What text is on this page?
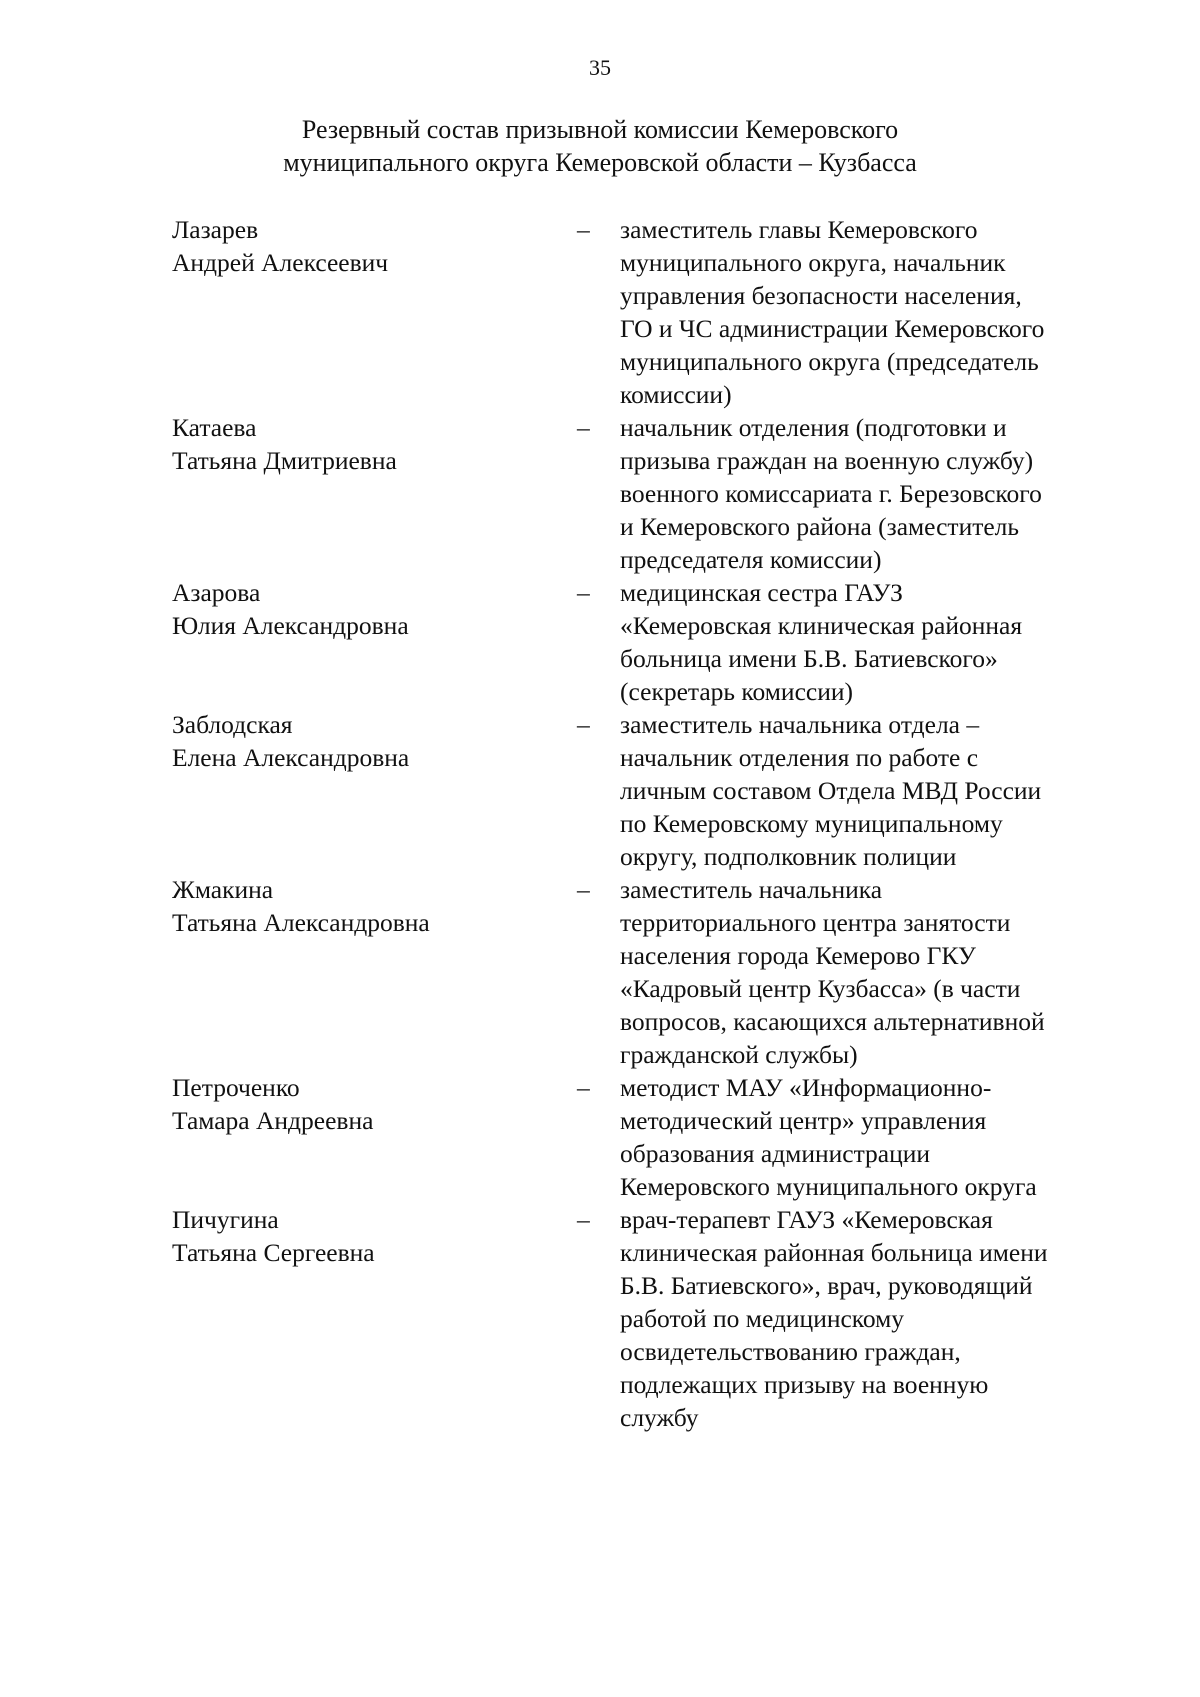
35
Резервный состав призывной комиссии Кемеровского
муниципального округа Кемеровской области – Кузбасса
Лазарев
Андрей Алексеевич
–	заместитель главы Кемеровского
муниципального округа, начальник
управления безопасности населения,
ГО и ЧС администрации Кемеровского
муниципального округа (председатель
комиссии)
Катаева
Татьяна Дмитриевна
–	начальник отделения (подготовки и
призыва граждан на военную службу)
военного комиссариата г. Березовского
и Кемеровского района (заместитель
председателя комиссии)
Азарова
Юлия Александровна
–	медицинская сестра ГАУЗ
«Кемеровская клиническая районная
больница имени Б.В. Батиевского»
(секретарь комиссии)
Заблодская
Елена Александровна
–	заместитель начальника отдела –
начальник отделения по работе с
личным составом Отдела МВД России
по Кемеровскому муниципальному
округу, подполковник полиции
Жмакина
Татьяна Александровна
–	заместитель начальника
территориального центра занятости
населения города Кемерово ГКУ
«Кадровый центр Кузбасса» (в части
вопросов, касающихся альтернативной
гражданской службы)
Петроченко
Тамара Андреевна
–	методист МАУ «Информационно-
методический центр» управления
образования администрации
Кемеровского муниципального округа
Пичугина
Татьяна Сергеевна
–	врач-терапевт ГАУЗ «Кемеровская
клиническая районная больница имени
Б.В. Батиевского», врач, руководящий
работой по медицинскому
освидетельствованию граждан,
подлежащих призыву на военную
службу
